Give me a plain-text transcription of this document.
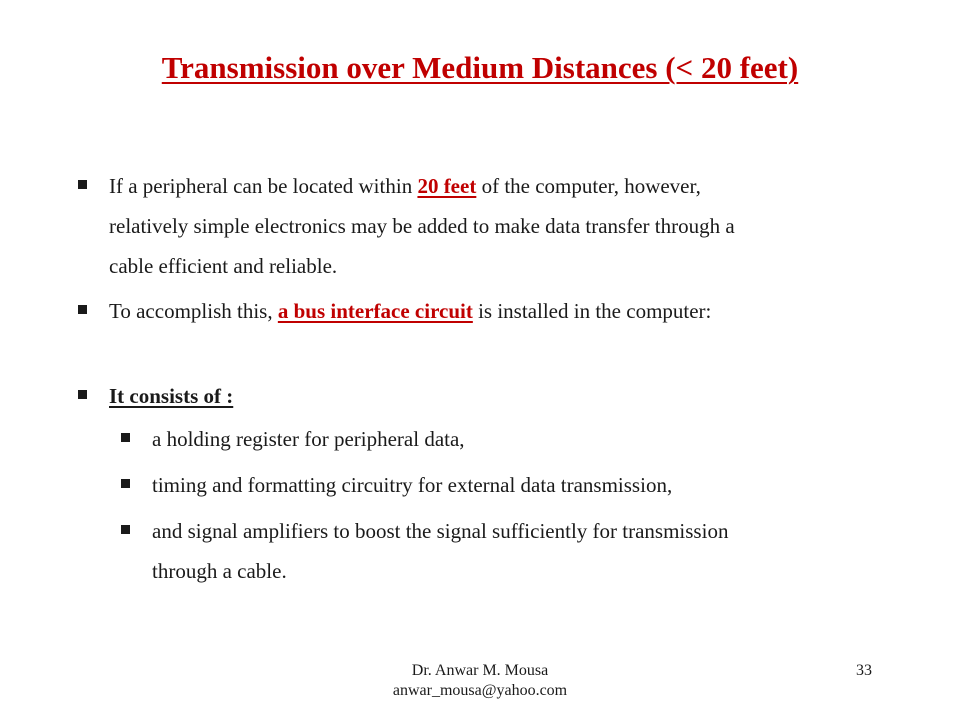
Transmission over Medium Distances (< 20 feet)
If a peripheral can be located within 20 feet of the computer, however,
relatively simple electronics may be added to make data transfer through a
cable efficient and reliable.
To accomplish this, a bus interface circuit is installed in the computer:
It consists of :
a holding register for peripheral data,
timing and formatting circuitry for external data transmission,
and signal amplifiers to boost the signal sufficiently for transmission
through a cable.
Dr. Anwar M. Mousa
anwar_mousa@yahoo.com
33
